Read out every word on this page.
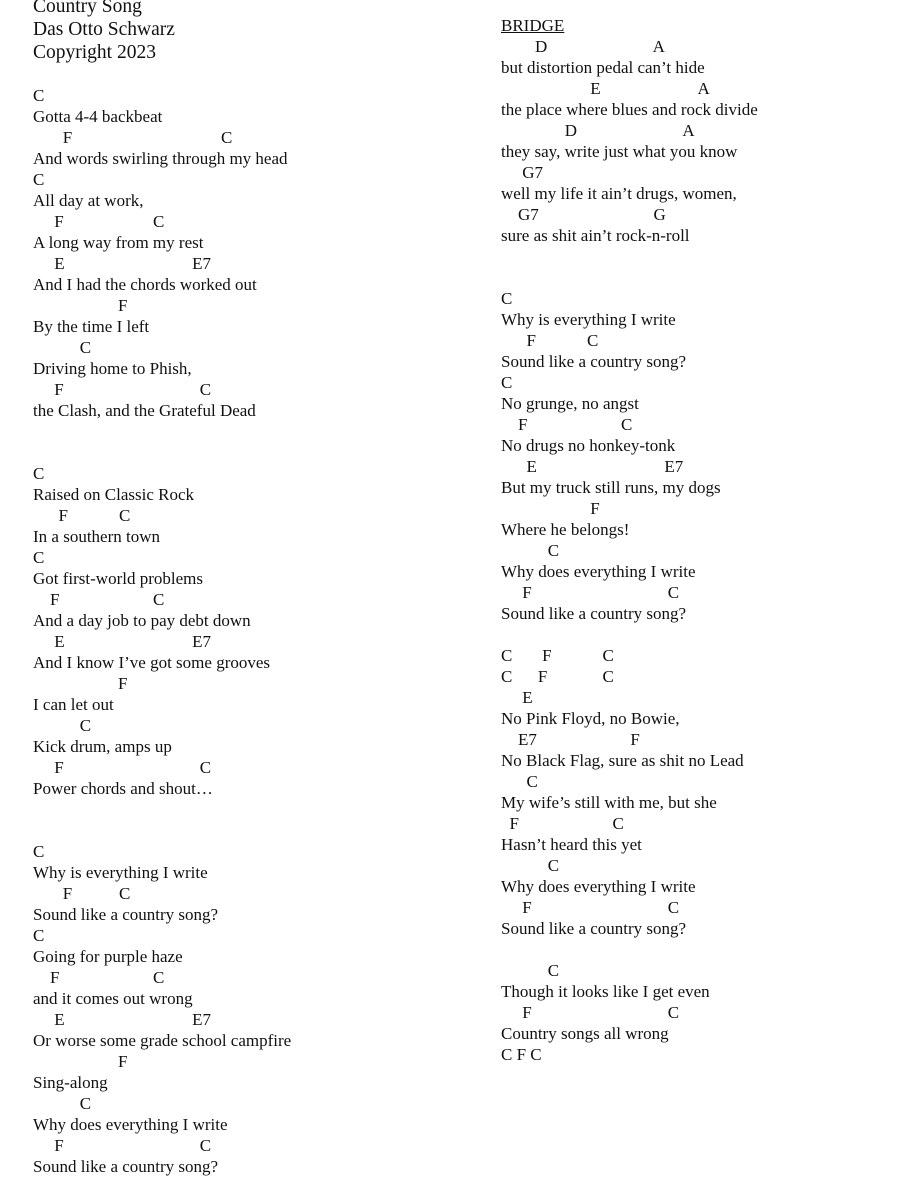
Country Song
Das Otto Schwarz
Copyright 2023
C
Gotta 4-4 backbeat
F                                   C
And words swirling through my head
C
All day at work,
F                     C
A long way from my rest
E                              E7
And I had the chords worked out
F
By the time I left
C
Driving home to Phish,
F                                C
the Clash, and the Grateful Dead
C
Raised on Classic Rock
F            C
In a southern town
C
Got first-world problems
F                      C
And a day job to pay debt down
E                              E7
And I know I’ve got some grooves
F
I can let out
C
Kick drum, amps up
F                                C
Power chords and shout…
C
Why is everything I write
F           C
Sound like a country song?
C
Going for purple haze
F                      C
and it comes out wrong
E                              E7
Or worse some grade school campfire
F
Sing-along
C
Why does everything I write
F                                C
Sound like a country song?
BRIDGE
D                         A
but distortion pedal can’t hide
E                       A
the place where blues and rock divide
D                         A
they say, write just what you know
G7
well my life it ain’t drugs, women,
G7                           G
sure as shit ain’t rock-n-roll
C
Why is everything I write
F            C
Sound like a country song?
C
No grunge, no angst
F                      C
No drugs no honkey-tonk
E                              E7
But my truck still runs, my dogs
F
Where he belongs!
C
Why does everything I write
F                                C
Sound like a country song?
C       F            C
C      F             C
E
No Pink Floyd, no Bowie,
E7                      F
No Black Flag, sure as shit no Lead
C
My wife’s still with me, but she
F                      C
Hasn’t heard this yet
C
Why does everything I write
F                                C
Sound like a country song?
C
Though it looks like I get even
F                                C
Country songs all wrong
C F C
